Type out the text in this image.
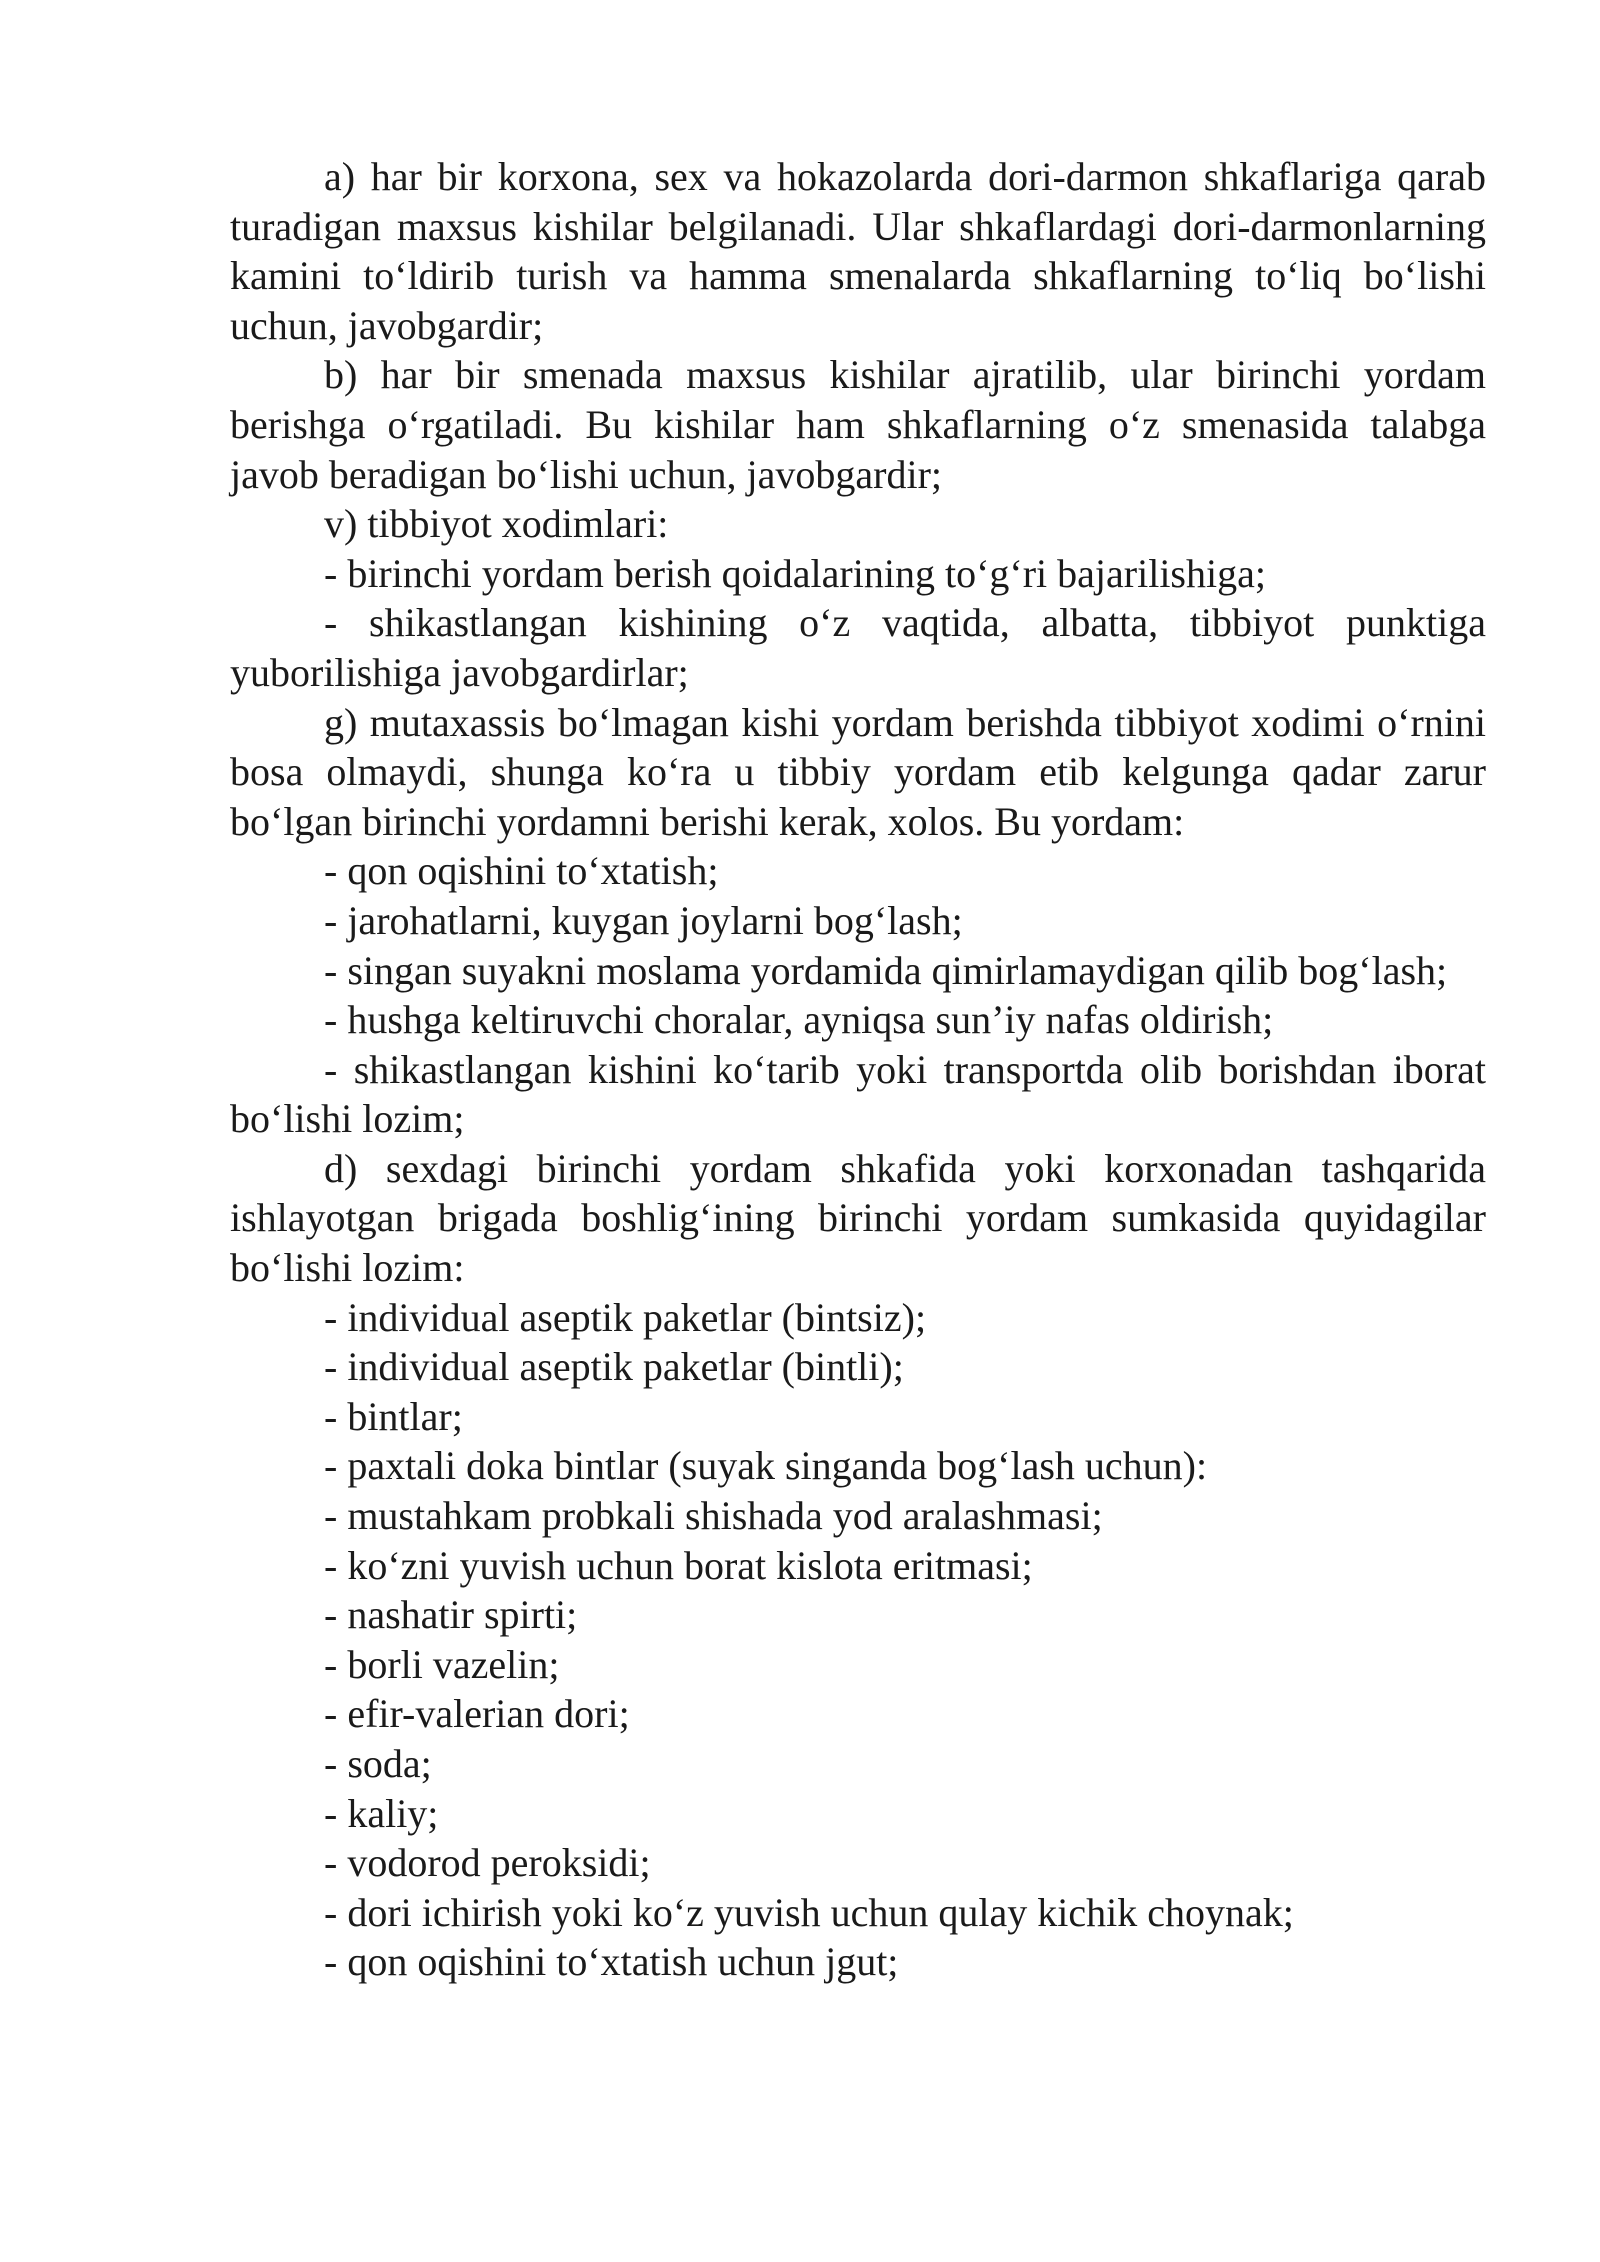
a) har bir korxona, sex va hokazolarda dori-darmon shkaflariga qarab turadigan maxsus kishilar belgilanadi. Ular shkaflardagi dori-darmonlarning kamini to‘ldirib turish va hamma smenalarda shkaflarning to‘liq bo‘lishi uchun, javobgardir;

b) har bir smenada maxsus kishilar ajratilib, ular birinchi yordam berishga o‘rgatiladi. Bu kishilar ham shkaflarning o‘z smenasida talabga javob beradigan bo‘lishi uchun, javobgardir;

v) tibbiyot xodimlari:

- birinchi yordam berish qoidalarining to‘g‘ri bajarilishiga;

- shikastlangan kishining o‘z vaqtida, albatta, tibbiyot punktiga yuborilishiga javobgardirlar;

g) mutaxassis bo‘lmagan kishi yordam berishda tibbiyot xodimi o‘rnini bosa olmaydi, shunga ko‘ra u tibbiy yordam etib kelgunga qadar zarur bo‘lgan birinchi yordamni berishi kerak, xolos. Bu yordam:

- qon oqishini to‘xtatish;

- jarohatlarni, kuygan joylarni bog‘lash;

- singan suyakni moslama yordamida qimirlamaydigan qilib bog‘lash;

- hushga keltiruvchi choralar, ayniqsa sun’iy nafas oldirish;

- shikastlangan kishini ko‘tarib yoki transportda olib borishdan iborat bo‘lishi lozim;

d) sexdagi birinchi yordam shkafida yoki korxonadan tashqarida ishlayotgan brigada boshlig‘ining birinchi yordam sumkasida quyidagilar bo‘lishi lozim:

- individual aseptik paketlar (bintsiz);

- individual aseptik paketlar (bintli);

- bintlar;

- paxtali doka bintlar (suyak singanda bog‘lash uchun):

- mustahkam probkali shishada yod aralashmasi;

- ko‘zni yuvish uchun borat kislota eritmasi;

- nashatir spirti;

- borli vazelin;

- efir-valerian dori;

- soda;

- kaliy;

- vodorod peroksidi;

- dori ichirish yoki ko‘z yuvish uchun qulay kichik choynak;

- qon oqishini to‘xtatish uchun jgut;
